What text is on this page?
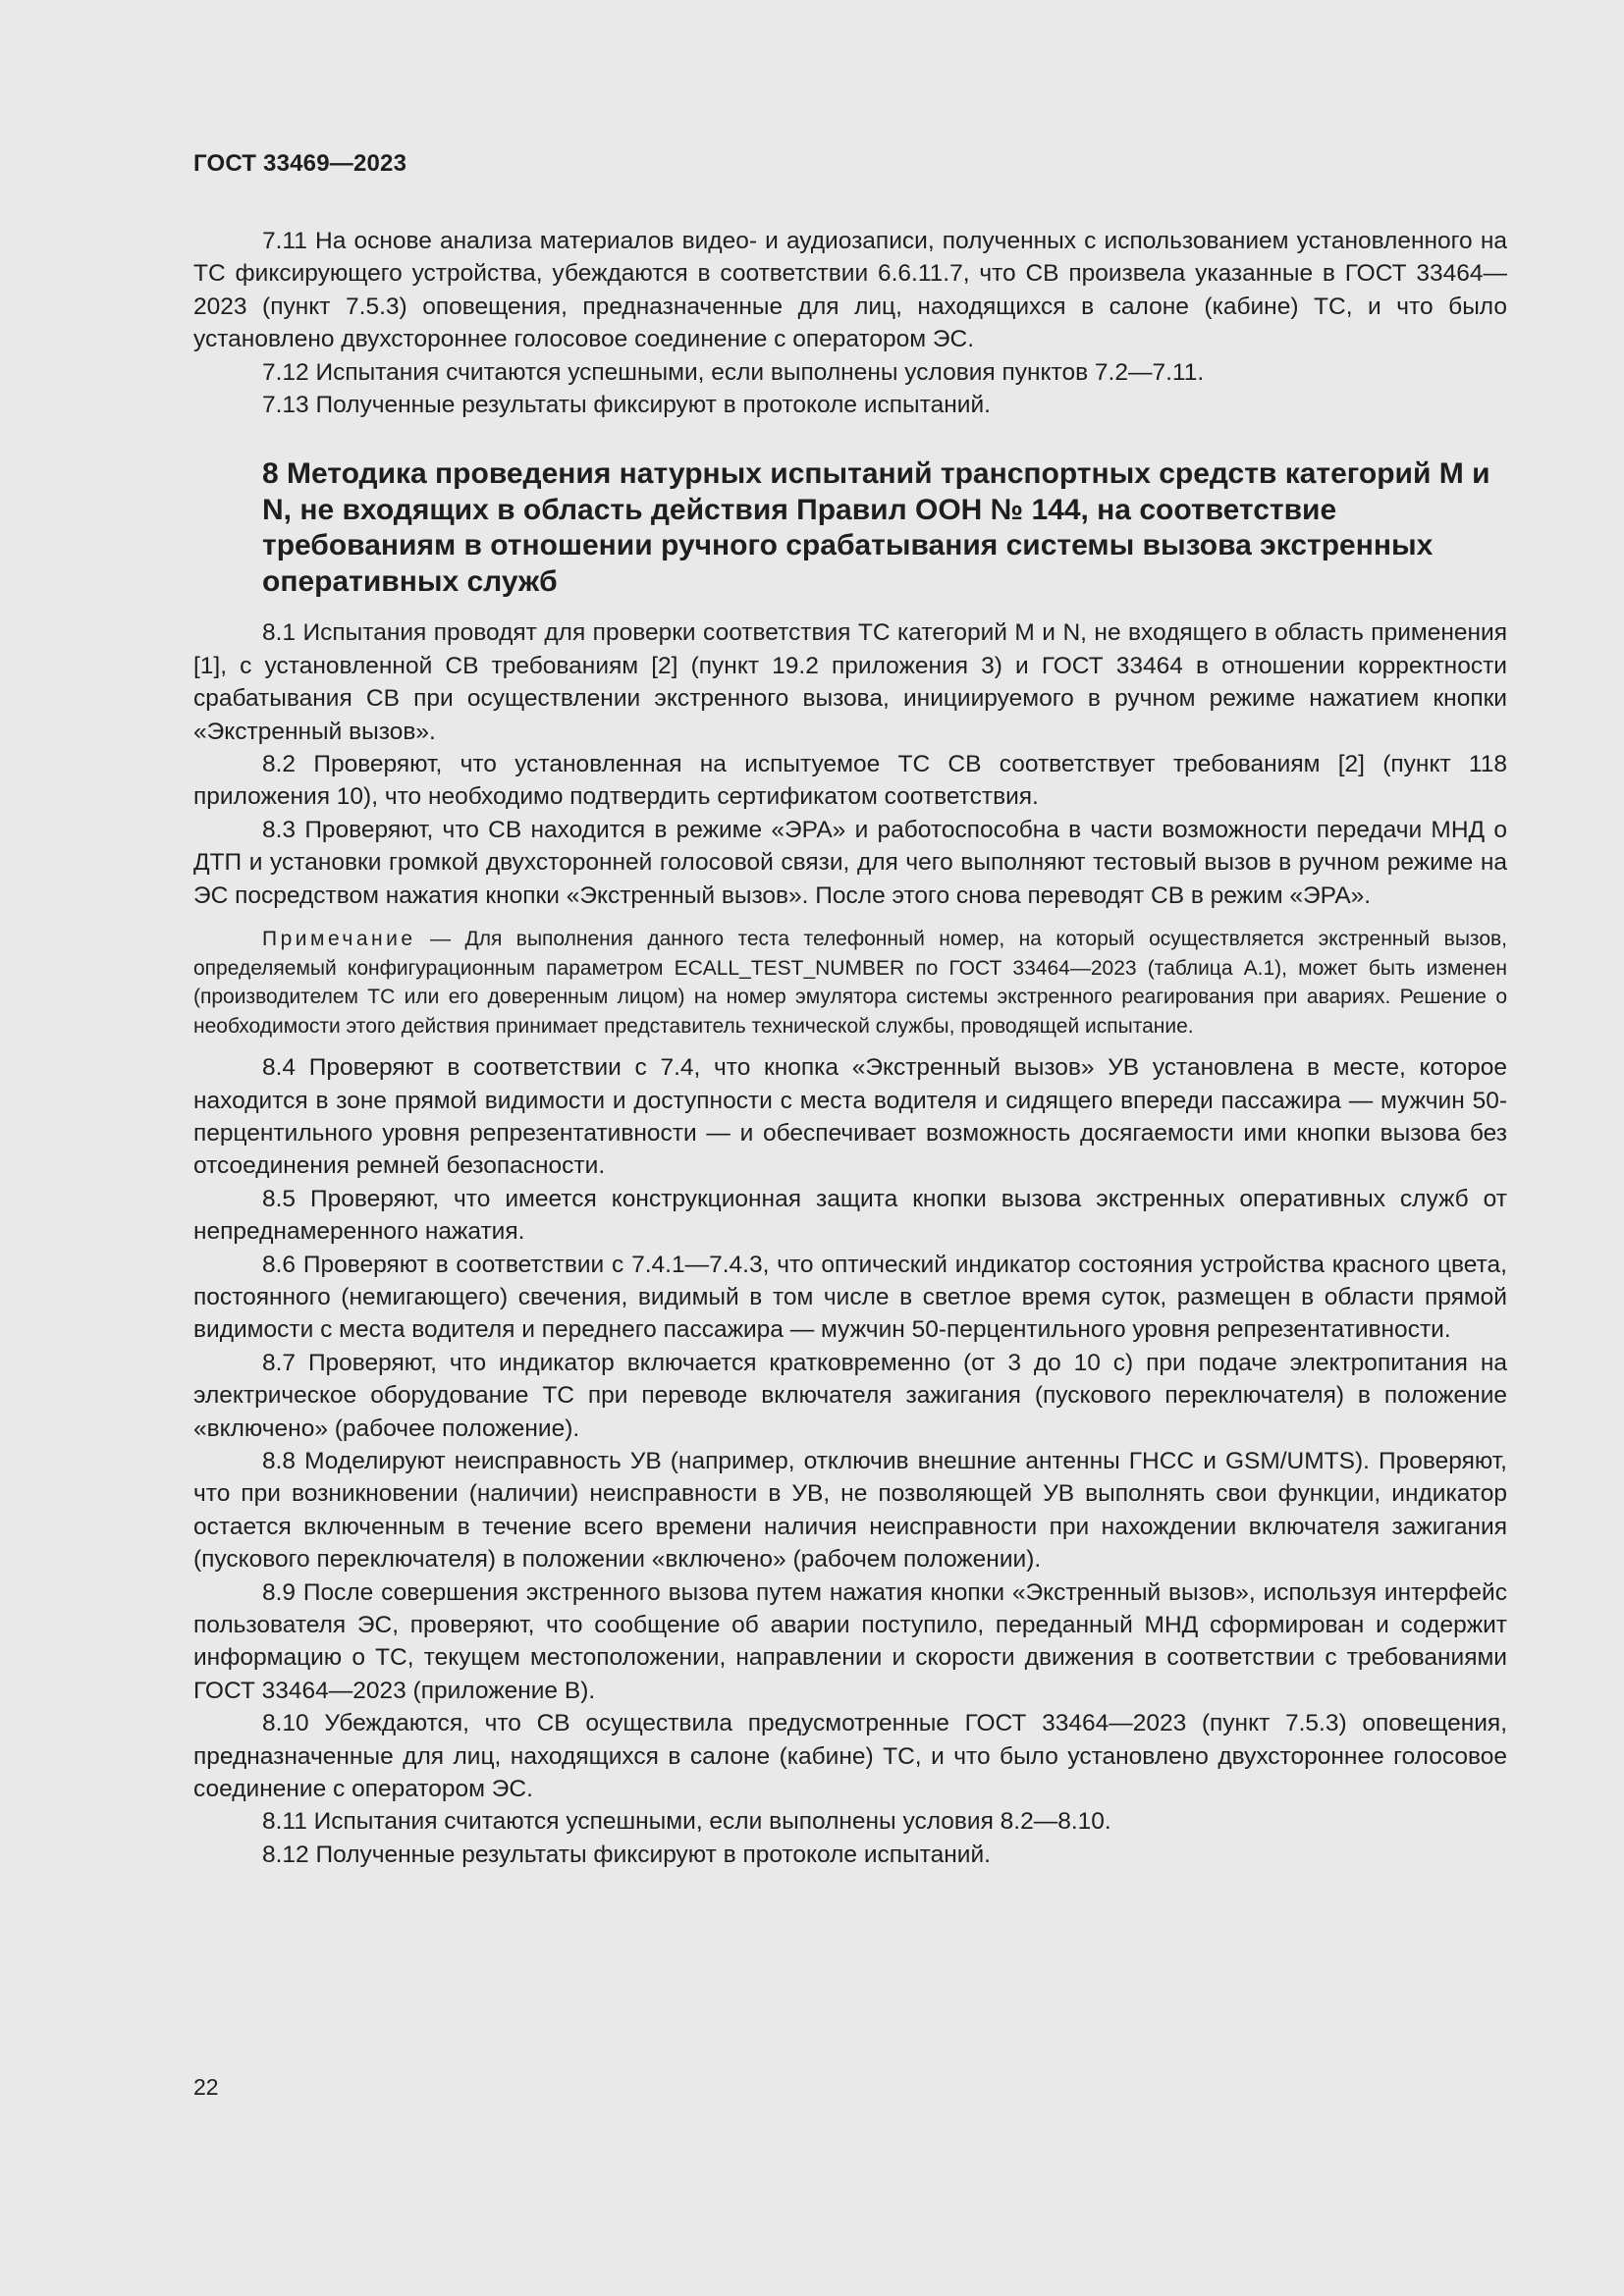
ГОСТ 33469—2023

7.11 На основе анализа материалов видео- и аудиозаписи, полученных с использованием установленного на ТС фиксирующего устройства, убеждаются в соответствии 6.6.11.7, что СВ произвела указанные в ГОСТ 33464—2023 (пункт 7.5.3) оповещения, предназначенные для лиц, находящихся в салоне (кабине) ТС, и что было установлено двухстороннее голосовое соединение с оператором ЭС.

7.12 Испытания считаются успешными, если выполнены условия пунктов 7.2—7.11.

7.13 Полученные результаты фиксируют в протоколе испытаний.

8 Методика проведения натурных испытаний транспортных средств категорий M и N, не входящих в область действия Правил ООН № 144, на соответствие требованиям в отношении ручного срабатывания системы вызова экстренных оперативных служб

8.1 Испытания проводят для проверки соответствия ТС категорий M и N, не входящего в область применения [1], с установленной СВ требованиям [2] (пункт 19.2 приложения 3) и ГОСТ 33464 в отношении корректности срабатывания СВ при осуществлении экстренного вызова, инициируемого в ручном режиме нажатием кнопки «Экстренный вызов».

8.2 Проверяют, что установленная на испытуемое ТС СВ соответствует требованиям [2] (пункт 118 приложения 10), что необходимо подтвердить сертификатом соответствия.

8.3 Проверяют, что СВ находится в режиме «ЭРА» и работоспособна в части возможности передачи МНД о ДТП и установки громкой двухсторонней голосовой связи, для чего выполняют тестовый вызов в ручном режиме на ЭС посредством нажатия кнопки «Экстренный вызов». После этого снова переводят СВ в режим «ЭРА».

Примечание — Для выполнения данного теста телефонный номер, на который осуществляется экстренный вызов, определяемый конфигурационным параметром ECALL_TEST_NUMBER по ГОСТ 33464—2023 (таблица А.1), может быть изменен (производителем ТС или его доверенным лицом) на номер эмулятора системы экстренного реагирования при авариях. Решение о необходимости этого действия принимает представитель технической службы, проводящей испытание.

8.4 Проверяют в соответствии с 7.4, что кнопка «Экстренный вызов» УВ установлена в месте, которое находится в зоне прямой видимости и доступности с места водителя и сидящего впереди пассажира — мужчин 50-перцентильного уровня репрезентативности — и обеспечивает возможность досягаемости ими кнопки вызова без отсоединения ремней безопасности.

8.5 Проверяют, что имеется конструкционная защита кнопки вызова экстренных оперативных служб от непреднамеренного нажатия.

8.6 Проверяют в соответствии с 7.4.1—7.4.3, что оптический индикатор состояния устройства красного цвета, постоянного (немигающего) свечения, видимый в том числе в светлое время суток, размещен в области прямой видимости с места водителя и переднего пассажира — мужчин 50-перцентильного уровня репрезентативности.

8.7 Проверяют, что индикатор включается кратковременно (от 3 до 10 с) при подаче электропитания на электрическое оборудование ТС при переводе включателя зажигания (пускового переключателя) в положение «включено» (рабочее положение).

8.8 Моделируют неисправность УВ (например, отключив внешние антенны ГНСС и GSM/UMTS). Проверяют, что при возникновении (наличии) неисправности в УВ, не позволяющей УВ выполнять свои функции, индикатор остается включенным в течение всего времени наличия неисправности при нахождении включателя зажигания (пускового переключателя) в положении «включено» (рабочем положении).

8.9 После совершения экстренного вызова путем нажатия кнопки «Экстренный вызов», используя интерфейс пользователя ЭС, проверяют, что сообщение об аварии поступило, переданный МНД сформирован и содержит информацию о ТС, текущем местоположении, направлении и скорости движения в соответствии с требованиями ГОСТ 33464—2023 (приложение В).

8.10 Убеждаются, что СВ осуществила предусмотренные ГОСТ 33464—2023 (пункт 7.5.3) оповещения, предназначенные для лиц, находящихся в салоне (кабине) ТС, и что было установлено двухстороннее голосовое соединение с оператором ЭС.

8.11 Испытания считаются успешными, если выполнены условия 8.2—8.10.

8.12 Полученные результаты фиксируют в протоколе испытаний.

22
